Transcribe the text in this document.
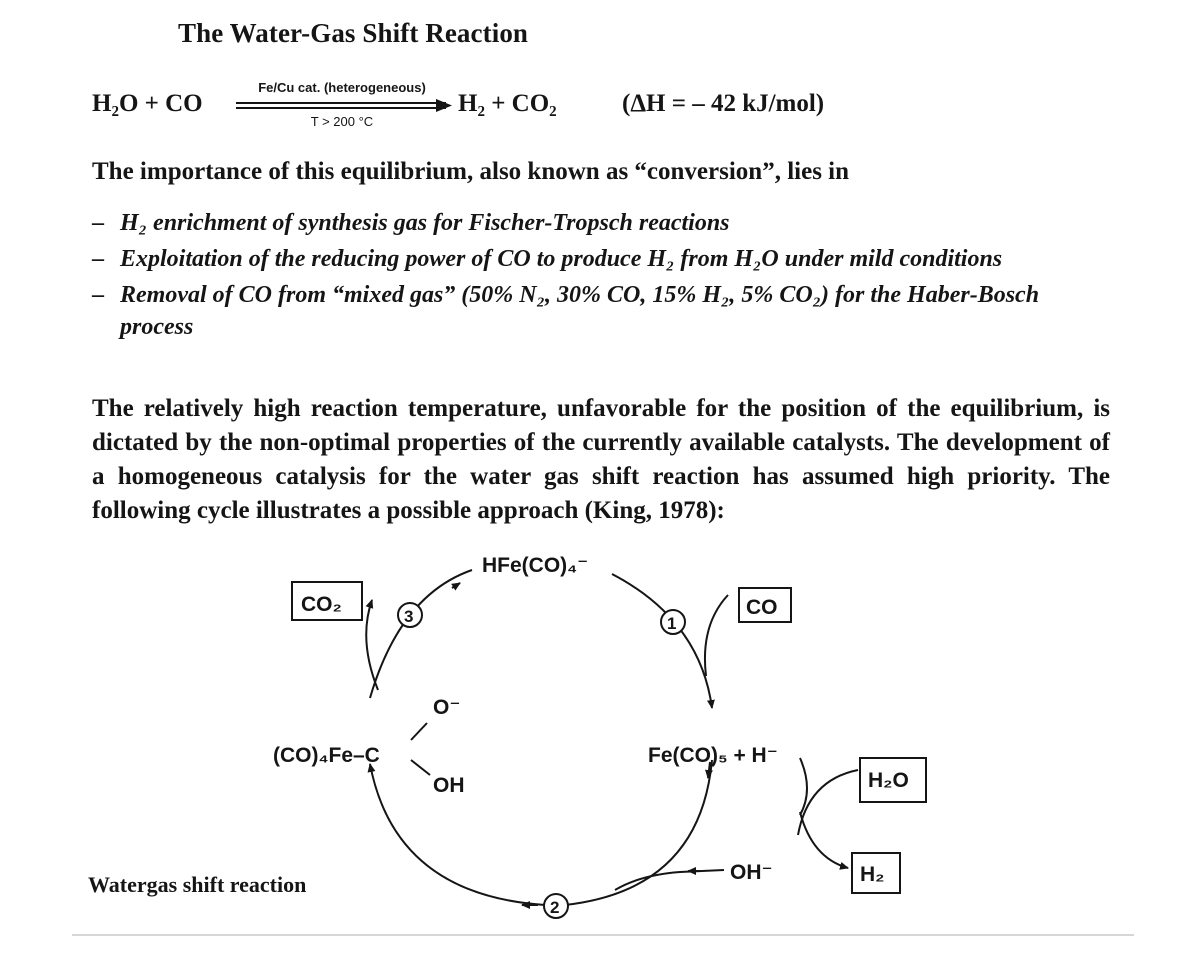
The Water-Gas Shift Reaction
H₂O + CO
Fe/Cu cat. (heterogeneous)
T > 200 °C
H₂ + CO₂	(ΔH = – 42 kJ/mol)
The importance of this equilibrium, also known as “conversion”, lies in
– H₂ enrichment of synthesis gas for Fischer-Tropsch reactions
– Exploitation of the reducing power of CO to produce H₂ from H₂O under mild conditions
– Removal of CO from “mixed gas” (50% N₂, 30% CO, 15% H₂, 5% CO₂) for the Haber-Bosch process
The relatively high reaction temperature, unfavorable for the position of the equilibrium, is dictated by the non-optimal properties of the currently available catalysts. The development of a homogeneous catalysis for the water gas shift reaction has assumed high priority. The following cycle illustrates a possible approach (King, 1978):
HFe(CO)₄⁻
(CO)₄Fe–C
O⁻
OH
Fe(CO)₅ + H⁻
OH⁻
CO₂	CO
H₂O
H₂
3	1
2
Watergas shift reaction
